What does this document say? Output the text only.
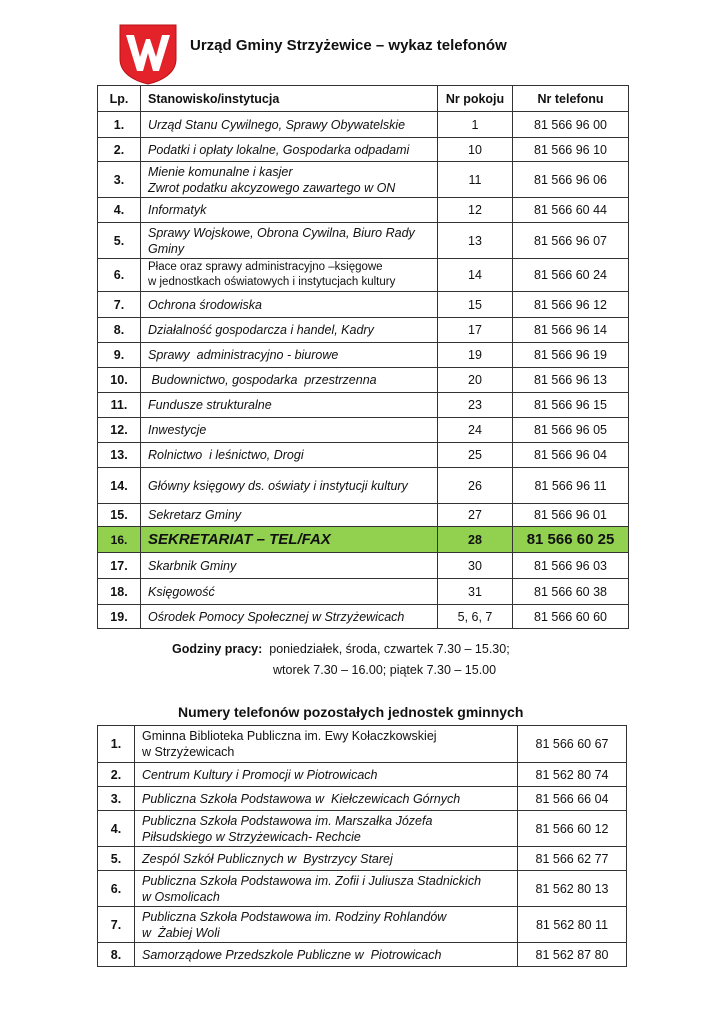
Urząd Gminy Strzyżewice – wykaz telefonów
Lp.	Stanowisko/instytucja	Nr pokoju	Nr telefonu
1.	Urząd Stanu Cywilnego, Sprawy Obywatelskie	1	81 566 96 00
2.	Podatki i opłaty lokalne, Gospodarka odpadami	10	81 566 96 10
3.	Mienie komunalne i kasjer
Zwrot podatku akcyzowego zawartego w ON	11	81 566 96 06
4.	Informatyk	12	81 566 60 44
5.	Sprawy Wojskowe, Obrona Cywilna, Biuro Rady
Gminy	13	81 566 96 07
6.	Płace oraz sprawy administracyjno –księgowe
w jednostkach oświatowych i instytucjach kultury	14	81 566 60 24
7.	Ochrona środowiska	15	81 566 96 12
8.	Działalność gospodarcza i handel, Kadry	17	81 566 96 14
9.	Sprawy  administracyjno - biurowe	19	81 566 96 19
10.	Budownictwo, gospodarka  przestrzenna	20	81 566 96 13
11.	Fundusze strukturalne	23	81 566 96 15
12.	Inwestycje	24	81 566 96 05
13.	Rolnictwo  i leśnictwo, Drogi	25	81 566 96 04
14.	Główny księgowy ds. oświaty i instytucji kultury	26	81 566 96 11
15.	Sekretarz Gminy	27	81 566 96 01
16.	SEKRETARIAT – TEL/FAX	28	81 566 60 25
17.	Skarbnik Gminy	30	81 566 96 03
18.	Księgowość	31	81 566 60 38
19.	Ośrodek Pomocy Społecznej w Strzyżewicach	5, 6, 7	81 566 60 60
Godziny pracy:  poniedziałek, środa, czwartek 7.30 – 15.30;
wtorek 7.30 – 16.00; piątek 7.30 – 15.00
Numery telefonów pozostałych jednostek gminnych
1.	Gminna Biblioteka Publiczna im. Ewy Kołaczkowskiej
w Strzyżewicach	81 566 60 67
2.	Centrum Kultury i Promocji w Piotrowicach	81 562 80 74
3.	Publiczna Szkoła Podstawowa w  Kiełczewicach Górnych	81 566 66 04
4.	Publiczna Szkoła Podstawowa im. Marszałka Józefa
Piłsudskiego w Strzyżewicach- Rechcie	81 566 60 12
5.	Zespól Szkół Publicznych w  Bystrzycy Starej	81 566 62 77
6.	Publiczna Szkoła Podstawowa im. Zofii i Juliusza Stadnickich
w Osmolicach	81 562 80 13
7.	Publiczna Szkoła Podstawowa im. Rodziny Rohlandów
w  Żabiej Woli	81 562 80 11
8.	Samorządowe Przedszkole Publiczne w  Piotrowicach	81 562 87 80
